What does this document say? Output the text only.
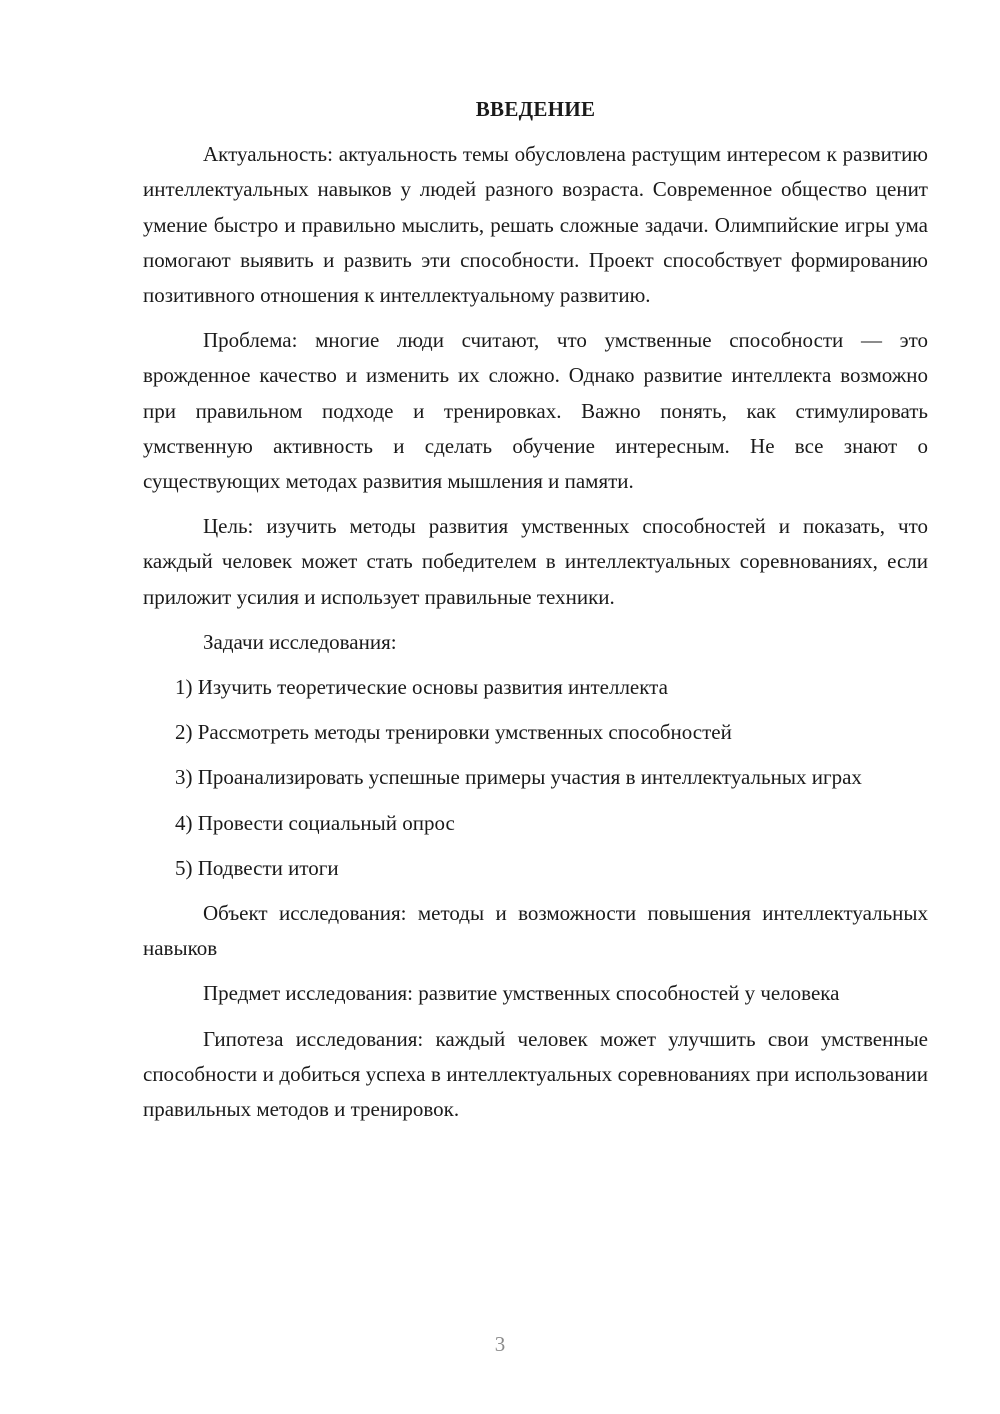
ВВЕДЕНИЕ

Актуальность: актуальность темы обусловлена растущим интересом к развитию интеллектуальных навыков у людей разного возраста. Современное общество ценит умение быстро и правильно мыслить, решать сложные задачи. Олимпийские игры ума помогают выявить и развить эти способности. Проект способствует формированию позитивного отношения к интеллектуальному развитию.

Проблема: многие люди считают, что умственные способности — это врожденное качество и изменить их сложно. Однако развитие интеллекта возможно при правильном подходе и тренировках. Важно понять, как стимулировать умственную активность и сделать обучение интересным. Не все знают о существующих методах развития мышления и памяти.

Цель: изучить методы развития умственных способностей и показать, что каждый человек может стать победителем в интеллектуальных соревнованиях, если приложит усилия и использует правильные техники.

Задачи исследования:

1) Изучить теоретические основы развития интеллекта

2) Рассмотреть методы тренировки умственных способностей

3) Проанализировать успешные примеры участия в интеллектуальных играх

4) Провести социальный опрос

5) Подвести итоги

Объект исследования: методы и возможности повышения интеллектуальных навыков

Предмет исследования: развитие умственных способностей у человека

Гипотеза исследования: каждый человек может улучшить свои умственные способности и добиться успеха в интеллектуальных соревнованиях при использовании правильных методов и тренировок.

3
